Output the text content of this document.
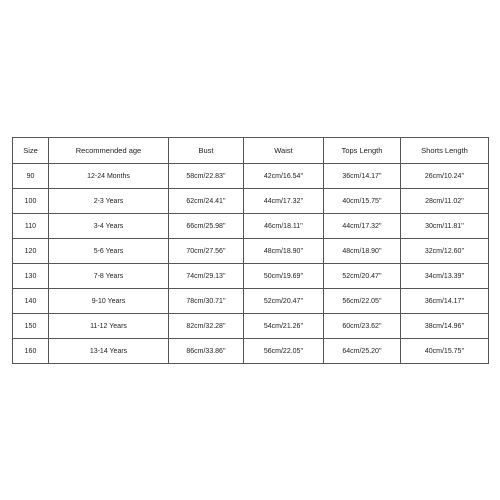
Size	Recommended age	Bust	Waist	Tops Length	Shorts Length
90	12-24 Months	58cm/22.83''	42cm/16.54''	36cm/14.17''	26cm/10.24''
100	2-3 Years	62cm/24.41''	44cm/17.32''	40cm/15.75''	28cm/11.02''
110	3-4 Years	66cm/25.98''	46cm/18.11''	44cm/17.32''	30cm/11.81''
120	5-6 Years	70cm/27.56''	48cm/18.90''	48cm/18.90''	32cm/12.60''
130	7-8 Years	74cm/29.13''	50cm/19.69''	52cm/20.47''	34cm/13.39''
140	9-10 Years	78cm/30.71''	52cm/20.47''	56cm/22.05''	36cm/14.17''
150	11-12 Years	82cm/32.28''	54cm/21.26''	60cm/23.62''	38cm/14.96''
160	13-14 Years	86cm/33.86''	56cm/22.05''	64cm/25.20''	40cm/15.75''
